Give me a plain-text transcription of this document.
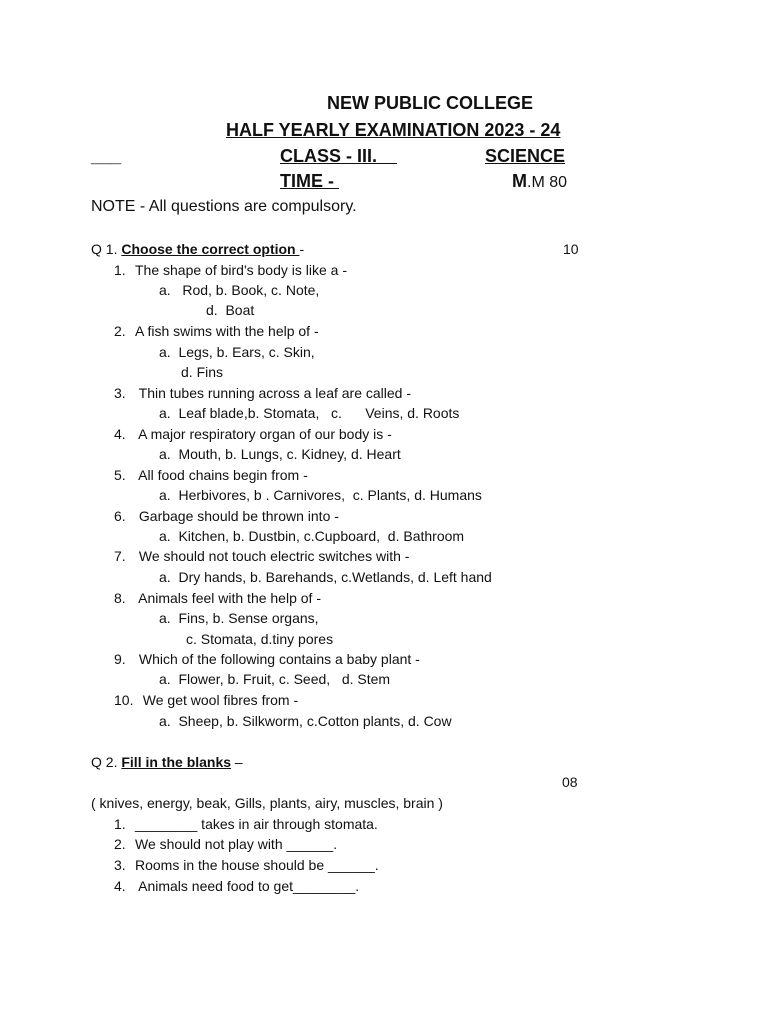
NEW PUBLIC COLLEGE
HALF YEARLY EXAMINATION 2023 - 24
___	CLASS - III.	SCIENCE
TIME -	M.M 80
NOTE - All questions are compulsory.
Q 1. Choose the correct option -	10
1.
2.
3.
4.
5.
6.
7.
8.
9.
10.
The shape of bird's body is like a -
a.   Rod, b. Book, c. Note,
d.  Boat
A fish swims with the help of -
a.  Legs, b. Ears, c. Skin,
d. Fins
Thin tubes running across a leaf are called -
a.  Leaf blade,b. Stomata,   c.      Veins, d. Roots
A major respiratory organ of our body is -
a.  Mouth, b. Lungs, c. Kidney, d. Heart
All food chains begin from -
a.  Herbivores, b . Carnivores,  c. Plants, d. Humans
Garbage should be thrown into -
a.  Kitchen, b. Dustbin, c.Cupboard,  d. Bathroom
We should not touch electric switches with -
a.  Dry hands, b. Barehands, c.Wetlands, d. Left hand
Animals feel with the help of -
a.  Fins, b. Sense organs,
c. Stomata, d.tiny pores
Which of the following contains a baby plant -
a.  Flower, b. Fruit, c. Seed,   d. Stem
We get wool fibres from -
a.  Sheep, b. Silkworm, c.Cotton plants, d. Cow
Q 2. Fill in the blanks –
08
( knives, energy, beak, Gills, plants, airy, muscles, brain )
1.
2.
3.
4.
________ takes in air through stomata.
We should not play with ______.
Rooms in the house should be ______.
Animals need food to get________.
